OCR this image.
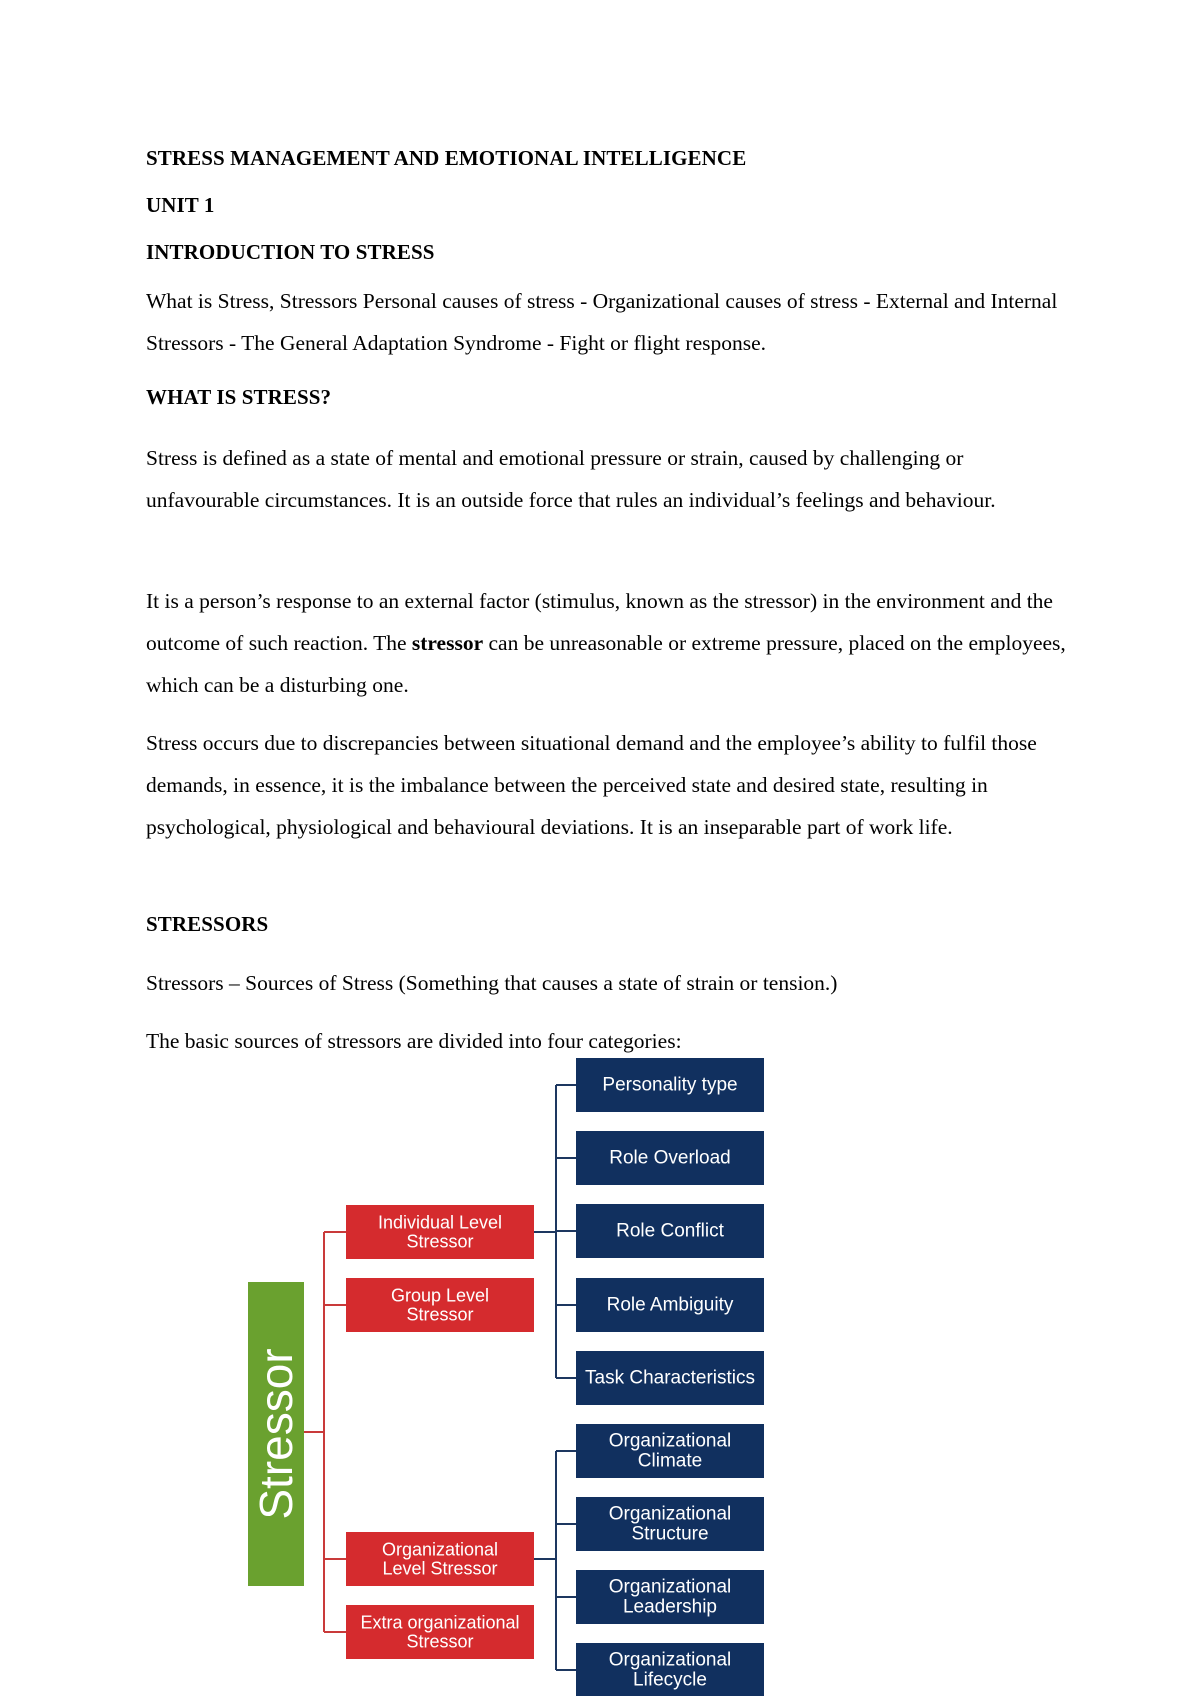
STRESS MANAGEMENT AND EMOTIONAL INTELLIGENCE

UNIT 1

INTRODUCTION TO STRESS

What is Stress, Stressors Personal causes of stress - Organizational causes of stress - External and Internal Stressors - The General Adaptation Syndrome - Fight or flight response.

WHAT IS STRESS?

Stress is defined as a state of mental and emotional pressure or strain, caused by challenging or unfavourable circumstances. It is an outside force that rules an individual’s feelings and behaviour.

It is a person’s response to an external factor (stimulus, known as the stressor) in the environment and the outcome of such reaction. The stressor can be unreasonable or extreme pressure, placed on the employees, which can be a disturbing one.

Stress occurs due to discrepancies between situational demand and the employee’s ability to fulfil those demands, in essence, it is the imbalance between the perceived state and desired state, resulting in psychological, physiological and behavioural deviations. It is an inseparable part of work life.

STRESSORS

Stressors – Sources of Stress (Something that causes a state of strain or tension.)

The basic sources of stressors are divided into four categories:

Stressor
Individual Level
Stressor
Group Level
Stressor
Organizational
Level Stressor
Extra organizational
Stressor
Personality type
Role Overload
Role Conflict
Role Ambiguity
Task Characteristics
Organizational
Climate
Organizational
Structure
Organizational
Leadership
Organizational
Lifecycle
